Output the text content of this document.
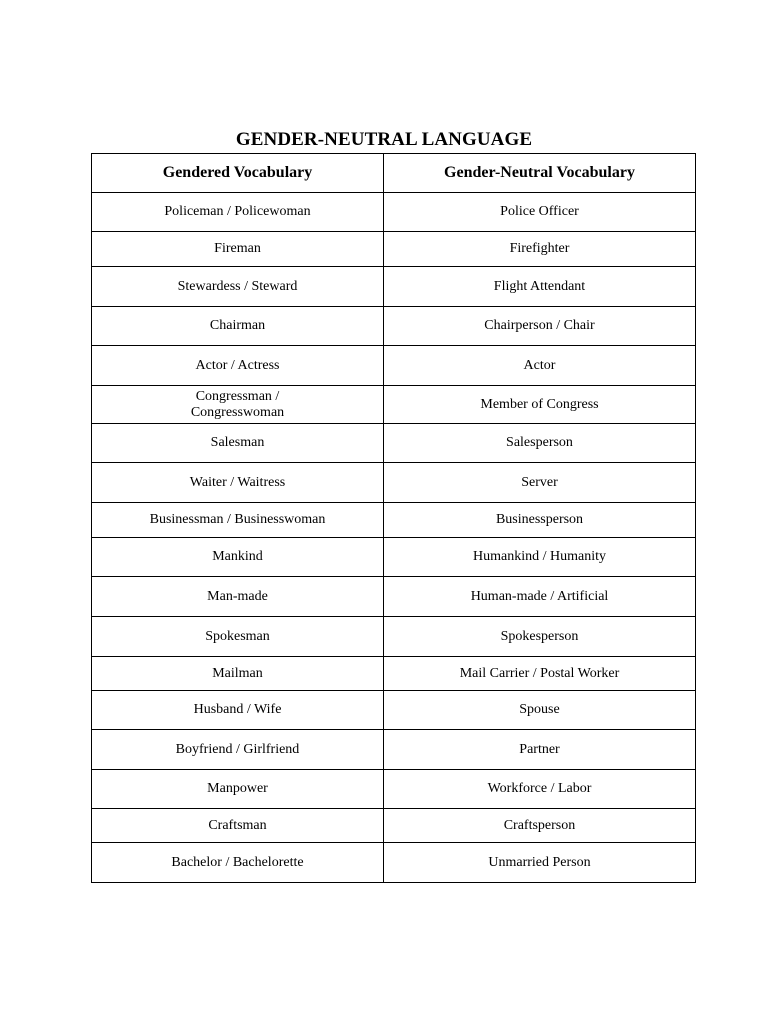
GENDER-NEUTRAL LANGUAGE
Gendered Vocabulary	Gender-Neutral Vocabulary
Policeman / Policewoman	Police Officer
Fireman	Firefighter
Stewardess / Steward	Flight Attendant
Chairman	Chairperson / Chair
Actor / Actress	Actor
Congressman /
Congresswoman	Member of Congress
Salesman	Salesperson
Waiter / Waitress	Server
Businessman / Businesswoman	Businessperson
Mankind	Humankind / Humanity
Man-made	Human-made / Artificial
Spokesman	Spokesperson
Mailman	Mail Carrier / Postal Worker
Husband / Wife	Spouse
Boyfriend / Girlfriend	Partner
Manpower	Workforce / Labor
Craftsman	Craftsperson
Bachelor / Bachelorette	Unmarried Person
